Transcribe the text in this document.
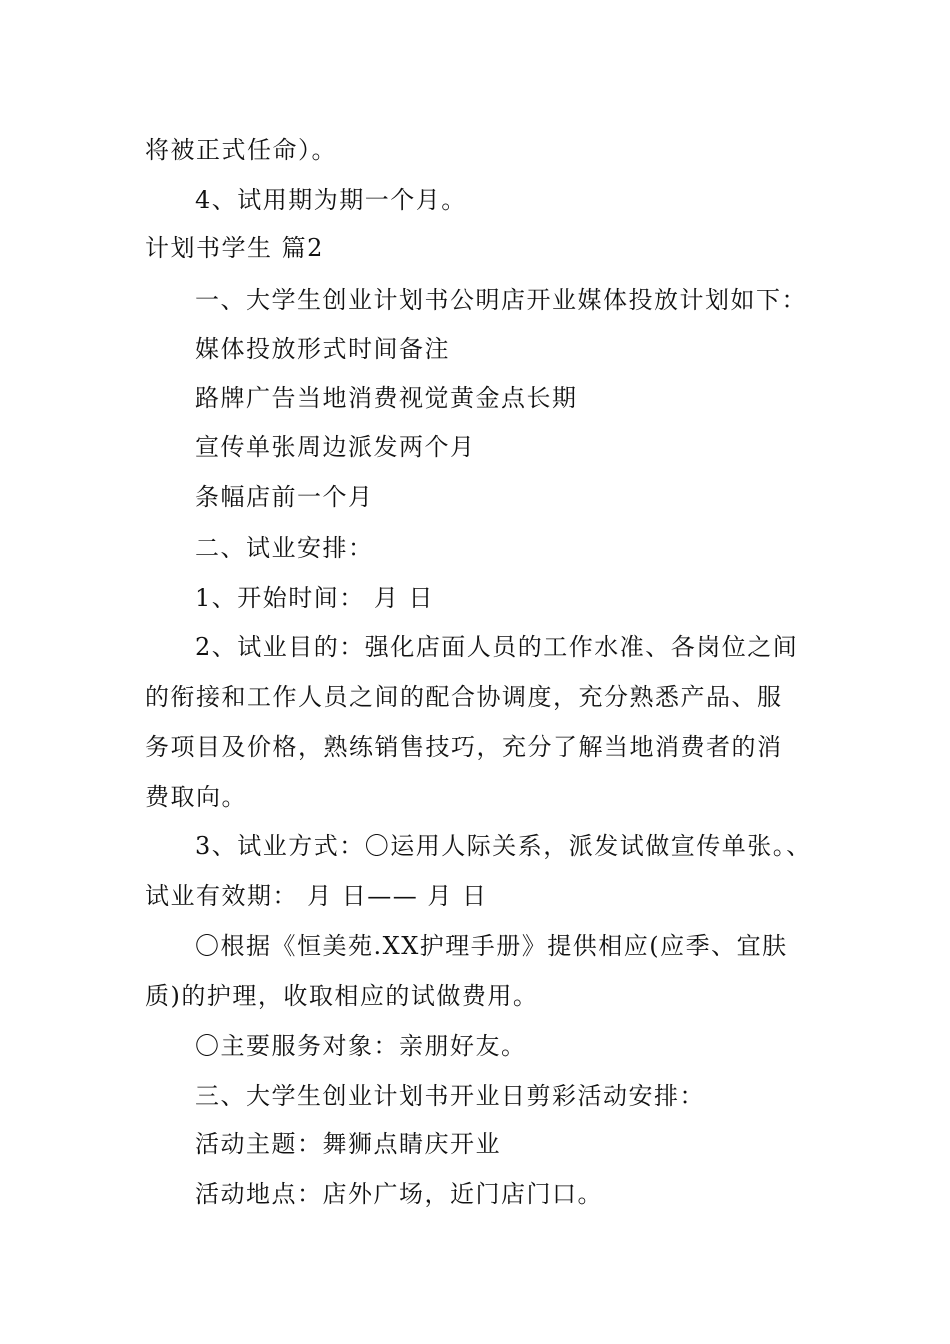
将被正式任命）。
4、试用期为期一个月。
计划书学生 篇2
一、大学生创业计划书公明店开业媒体投放计划如下：
媒体投放形式时间备注
路牌广告当地消费视觉黄金点长期
宣传单张周边派发两个月
条幅店前一个月
二、试业安排：
1、开始时间： 月 日
2、试业目的：强化店面人员的工作水准、各岗位之间
的衔接和工作人员之间的配合协调度，充分熟悉产品、服
务项目及价格，熟练销售技巧，充分了解当地消费者的消
费取向。
3、试业方式：〇运用人际关系，派发试做宣传单张。、
试业有效期： 月 日—— 月 日
〇根据《恒美苑.XX护理手册》提供相应(应季、宜肤
质)的护理，收取相应的试做费用。
〇主要服务对象：亲朋好友。
三、大学生创业计划书开业日剪彩活动安排：
活动主题：舞狮点睛庆开业
活动地点：店外广场，近门店门口。
